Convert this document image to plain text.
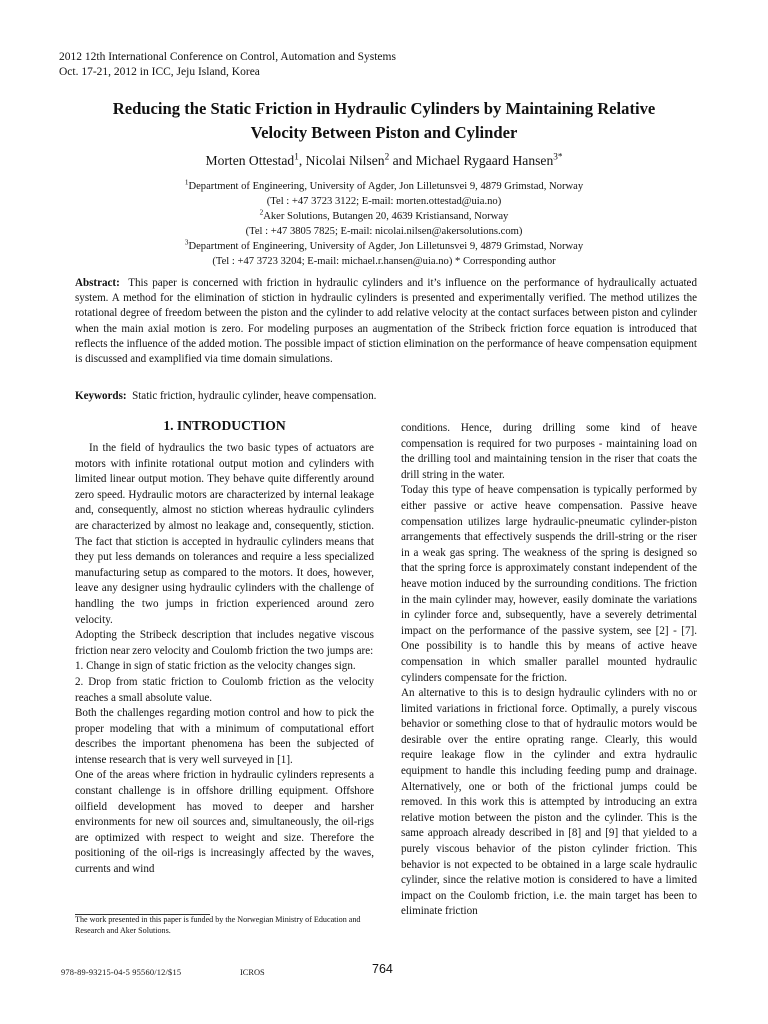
2012 12th International Conference on Control, Automation and Systems
Oct. 17-21, 2012 in ICC, Jeju Island, Korea
Reducing the Static Friction in Hydraulic Cylinders by Maintaining Relative
Velocity Between Piston and Cylinder
Morten Ottestad$^1$, Nicolai Nilsen$^2$ and Michael Rygaard Hansen$^{3*}$
$^1$Department of Engineering, University of Agder, Jon Lilletunsvei 9, 4879 Grimstad, Norway
(Tel : +47 3723 3122; E-mail: morten.ottestad@uia.no)
$^2$Aker Solutions, Butangen 20, 4639 Kristiansand, Norway
(Tel : +47 3805 7825; E-mail: nicolai.nilsen@akersolutions.com)
$^3$Department of Engineering, University of Agder, Jon Lilletunsvei 9, 4879 Grimstad, Norway
(Tel : +47 3723 3204; E-mail: michael.r.hansen@uia.no) * Corresponding author
Abstract: This paper is concerned with friction in hydraulic cylinders and it’s influence on the performance of hydraulically actuated system. A method for the elimination of stiction in hydraulic cylinders is presented and experimentally verified. The method utilizes the rotational degree of freedom between the piston and the cylinder to add relative velocity at the contact surfaces between piston and cylinder when the main axial motion is zero. For modeling purposes an augmentation of the Stribeck friction force equation is introduced that reflects the influence of the added motion. The possible impact of stiction elimination on the performance of heave compensation equipment is discussed and examplified via time domain simulations.
Keywords: Static friction, hydraulic cylinder, heave compensation.
1. INTRODUCTION

In the field of hydraulics the two basic types of actuators are motors with infinite rotational output motion and cylinders with limited linear output motion. They behave quite differently around zero speed. Hydraulic motors are characterized by internal leakage and, consequently, almost no stiction whereas hydraulic cylinders are characterized by almost no leakage and, consequently, stiction. The fact that stiction is accepted in hydraulic cylinders means that they put less demands on tolerances and require a less specialized manufacturing setup as compared to the motors. It does, however, leave any designer using hydraulic cylinders with the challenge of handling the two jumps in friction experienced around zero velocity.

Adopting the Stribeck description that includes negative viscous friction near zero velocity and Coulomb friction the two jumps are:

1. Change in sign of static friction as the velocity changes sign.

2. Drop from static friction to Coulomb friction as the velocity reaches a small absolute value.

Both the challenges regarding motion control and how to pick the proper modeling that with a minimum of computational effort describes the important phenomena has been the subjected of intense research that is very well surveyed in [1].

One of the areas where friction in hydraulic cylinders represents a constant challenge is in offshore drilling equipment. Offshore oilfield development has moved to deeper and harsher environments for new oil sources and, simultaneously, the oil-rigs are optimized with respect to weight and size. Therefore the positioning of the oil-rigs is increasingly affected by the waves, currents and wind

The work presented in this paper is funded by the Norwegian Ministry of Education and Research and Aker Solutions.

conditions. Hence, during drilling some kind of heave compensation is required for two purposes - maintaining load on the drilling tool and maintaining tension in the riser that coats the drill string in the water.

Today this type of heave compensation is typically performed by either passive or active heave compensation. Passive heave compensation utilizes large hydraulic-pneumatic cylinder-piston arrangements that effectively suspends the drill-string or the riser in a weak gas spring. The weakness of the spring is designed so that the spring force is approximately constant independent of the heave motion induced by the surrounding conditions. The friction in the main cylinder may, however, easily dominate the variations in cylinder force and, subsequently, have a severely detrimental impact on the performance of the passive system, see [2] - [7]. One possibility is to handle this by means of active heave compensation in which smaller parallel mounted hydraulic cylinders compensate for the friction.

An alternative to this is to design hydraulic cylinders with no or limited variations in frictional force. Optimally, a purely viscous behavior or something close to that of hydraulic motors would be desirable over the entire oprating range. Clearly, this would require leakage flow in the cylinder and extra hydraulic equipment to handle this including feeding pump and drainage. Alternatively, one or both of the frictional jumps could be removed. In this work this is attempted by introducing an extra relative motion between the piston and the cylinder. This is the same approach already described in [8] and [9] that yielded to a purely viscous behavior of the piston cylinder friction. This behavior is not expected to be obtained in a large scale hydraulic cylinder, since the relative motion is considered to have a limited impact on the Coulomb friction, i.e. the main target has been to eliminate friction

978-89-93215-04-5 95560/12/$15	ICROS	764
